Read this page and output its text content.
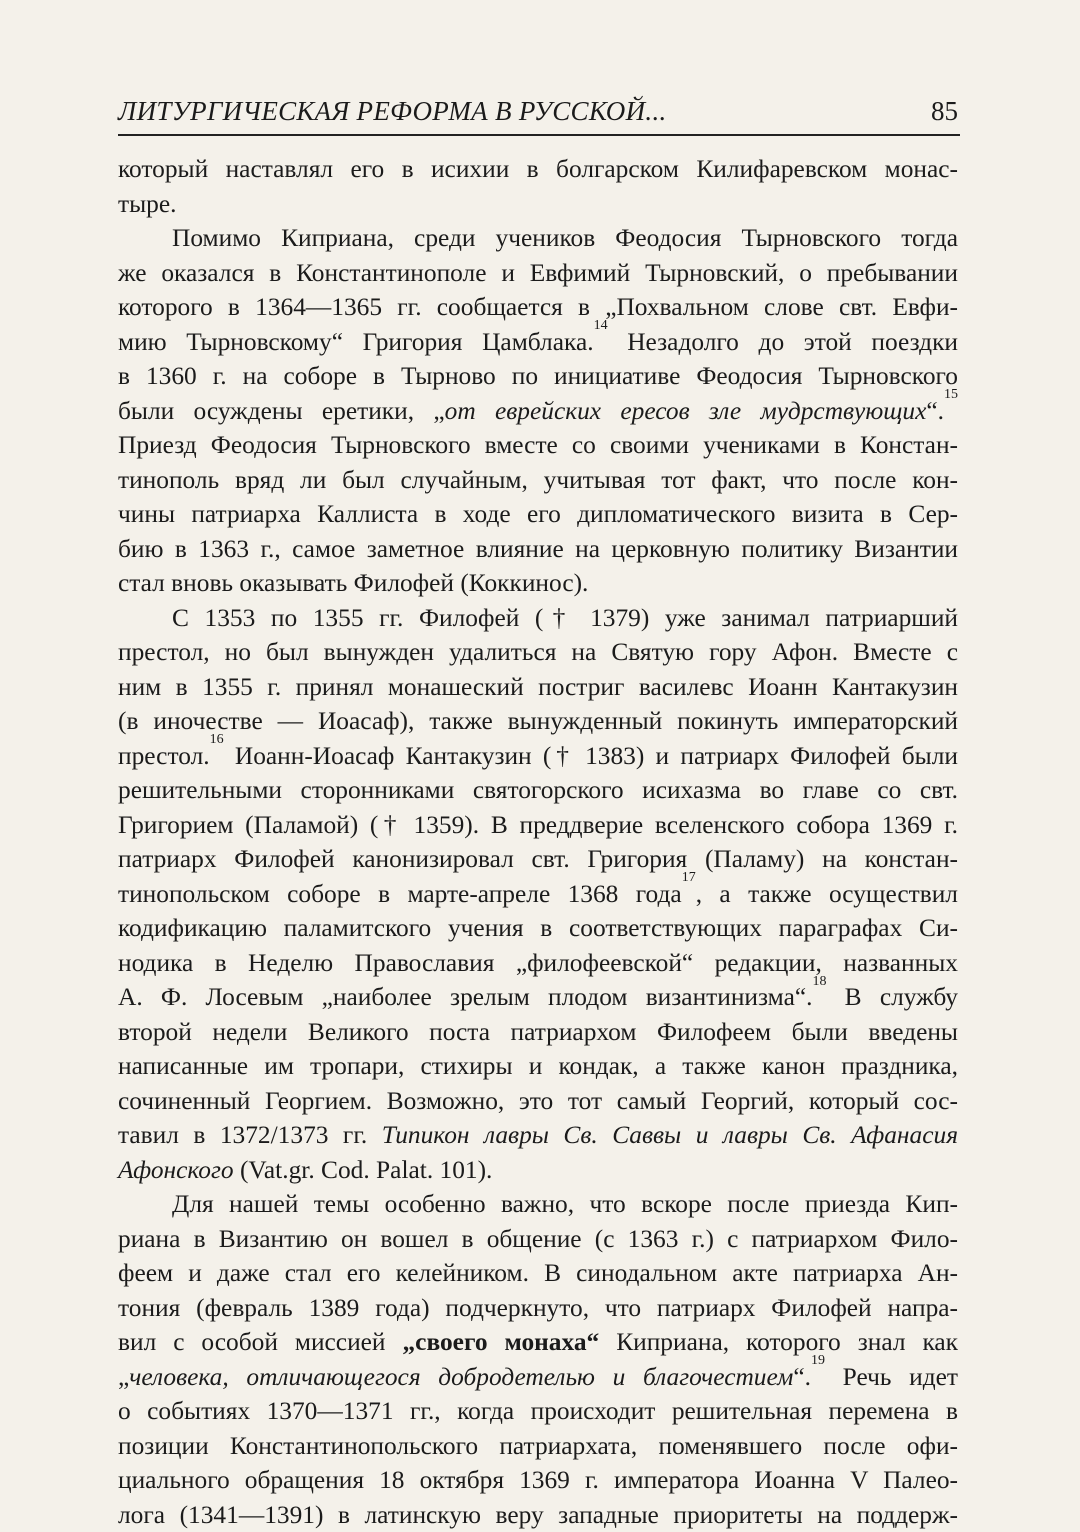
ЛИТУРГИЧЕСКАЯ РЕФОРМА В РУССКОЙ...	85
который наставлял его в исихии в болгарском Килифаревском монас-
тыре.
Помимо Киприана, среди учеников Феодосия Тырновского тогда
же оказался в Константинополе и Евфимий Тырновский, о пребывании
которого в 1364—1365 гг. сообщается в „Похвальном слове свт. Евфи-
мию Тырновскому“ Григория Цамблака.$^{14}$ Незадолго до этой поездки
в 1360 г. на соборе в Тырново по инициативе Феодосия Тырновского
были осуждены еретики, „от еврейских ересов зле мудрствующих“.$^{15}$
Приезд Феодосия Тырновского вместе со своими учениками в Констан-
тинополь вряд ли был случайным, учитывая тот факт, что после кон-
чины патриарха Каллиста в ходе его дипломатического визита в Сер-
бию в 1363 г., самое заметное влияние на церковную политику Византии
стал вновь оказывать Филофей (Коккинос).
С 1353 по 1355 гг. Филофей († 1379) уже занимал патриарший
престол, но был вынужден удалиться на Святую гору Афон. Вместе с
ним в 1355 г. принял монашеский постриг василевс Иоанн Кантакузин
(в иночестве — Иоасаф), также вынужденный покинуть императорский
престол.$^{16}$ Иоанн-Иоасаф Кантакузин († 1383) и патриарх Филофей были
решительными сторонниками святогорского исихазма во главе со свт.
Григорием (Паламой) († 1359). В преддверие вселенского собора 1369 г.
патриарх Филофей канонизировал свт. Григория (Паламу) на констан-
тинопольском соборе в марте-апреле 1368 года$^{17}$, а также осуществил
кодификацию паламитского учения в соответствующих параграфах Си-
нодика в Неделю Православия „филофеевской“ редакции, названных
А. Ф. Лосевым „наиболее зрелым плодом византинизма“.$^{18}$ В службу
второй недели Великого поста патриархом Филофеем были введены
написанные им тропари, стихиры и кондак, а также канон праздника,
сочиненный Георгием. Возможно, это тот самый Георгий, который сос-
тавил в 1372/1373 гг. Типикон лавры Св. Саввы и лавры Св. Афанасия
Афонского (Vat.gr. Cod. Palat. 101).
Для нашей темы особенно важно, что вскоре после приезда Кип-
риана в Византию он вошел в общение (с 1363 г.) с патриархом Фило-
феем и даже стал его келейником. В синодальном акте патриарха Ан-
тония (февраль 1389 года) подчеркнуто, что патриарх Филофей напра-
вил с особой миссией „своего монаха“ Киприана, которого знал как
„человека, отличающегося добродетелью и благочестием“.$^{19}$ Речь идет
о событиях 1370—1371 гг., когда происходит решительная перемена в
позиции Константинопольского патриархата, поменявшего после офи-
циального обращения 18 октября 1369 г. императора Иоанна V Палео-
лога (1341—1391) в латинскую веру западные приоритеты на поддерж-
